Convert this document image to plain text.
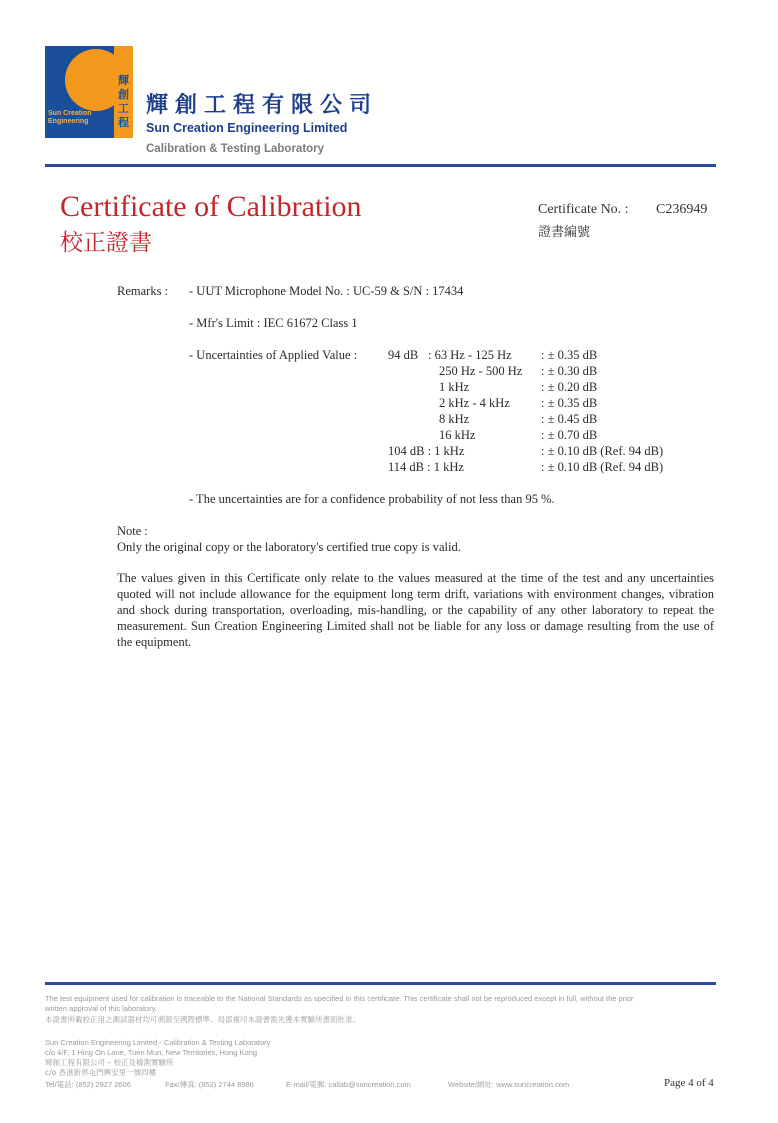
Sun Creation Engineering
輝
創
工
程
輝創工程有限公司
Sun Creation Engineering Limited
Calibration & Testing Laboratory
Certificate of Calibration
校正證書
Certificate No. : C236949
證書編號
Remarks : - UUT Microphone Model No. : UC-59 & S/N : 17434
- Mfr's Limit : IEC 61672 Class 1
- Uncertainties of Applied Value : 94 dB : 63 Hz - 125 Hz : ± 0.35 dB
250 Hz - 500 Hz : ± 0.30 dB
1 kHz	: ± 0.20 dB
2 kHz - 4 kHz : ± 0.35 dB
8 kHz	: ± 0.45 dB
16 kHz	: ± 0.70 dB
104 dB : 1 kHz	: ± 0.10 dB (Ref. 94 dB)
114 dB : 1 kHz	: ± 0.10 dB (Ref. 94 dB)
- The uncertainties are for a confidence probability of not less than 95 %.
Note :
Only the original copy or the laboratory's certified true copy is valid.
The values given in this Certificate only relate to the values measured at the time of the test and any uncertainties quoted will not include allowance for the equipment long term drift, variations with environment changes, vibration and shock during transportation, overloading, mis-handling, or the capability of any other laboratory to repeat the measurement. Sun Creation Engineering Limited shall not be liable for any loss or damage resulting from the use of the equipment.
The test equipment used for calibration is traceable to the National Standards as specified in this certificate. This certificate shall not be reproduced except in full, without the prior
written approval of this laboratory.
本證書所載校正用之測試器材均可溯源至國際標準。局部複印本證書需先獲本實驗所書面批准。
Sun Creation Engineering Limited - Calibration & Testing Laboratory
c/o 4/F, 1 Hing On Lane, Tuen Mun, New Territories, Hong Kong
輝創工程有限公司 – 校正及檢測實驗所
c/o 香港新界屯門興安里一號四樓
Tel/電話: (852) 2927 2606	Fax/傳真: (852) 2744 8986	E-mail/電郵: callab@suncreation.com	Website/網址: www.suncreation.com	Page 4 of 4
